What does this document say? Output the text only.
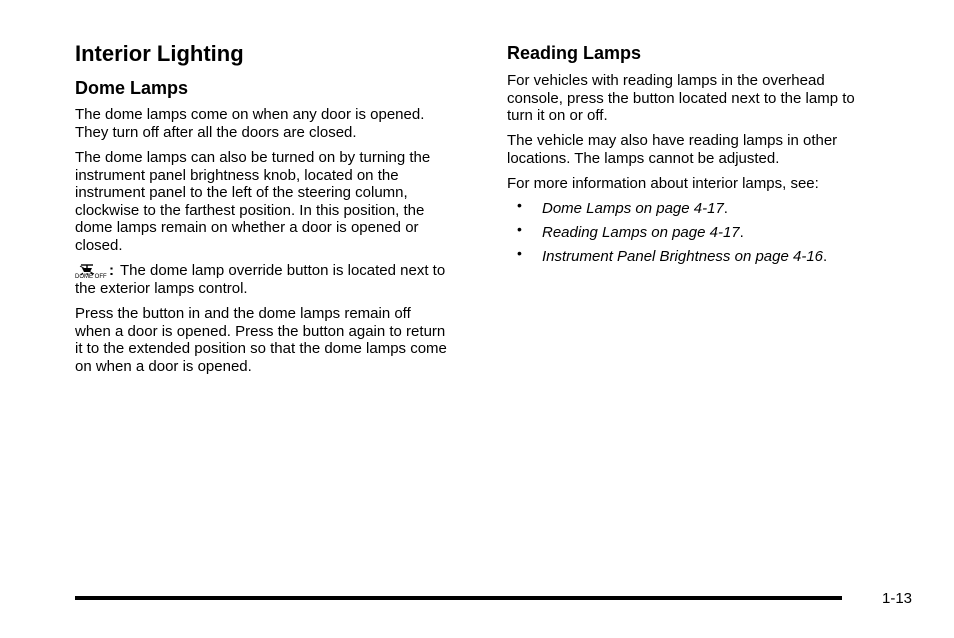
Interior Lighting
Dome Lamps

The dome lamps come on when any door is opened.
They turn off after all the doors are closed.

The dome lamps can also be turned on by turning the
instrument panel brightness knob, located on the
instrument panel to the left of the steering column,
clockwise to the farthest position. In this position, the
dome lamps remain on whether a door is opened or
closed.

DOME OFF : The dome lamp override button is located next to
the exterior lamps control.

Press the button in and the dome lamps remain off
when a door is opened. Press the button again to return
it to the extended position so that the dome lamps come
on when a door is opened.

Reading Lamps

For vehicles with reading lamps in the overhead
console, press the button located next to the lamp to
turn it on or off.

The vehicle may also have reading lamps in other
locations. The lamps cannot be adjusted.

For more information about interior lamps, see:

• Dome Lamps on page 4-17.
• Reading Lamps on page 4-17.
• Instrument Panel Brightness on page 4-16.
1-13
